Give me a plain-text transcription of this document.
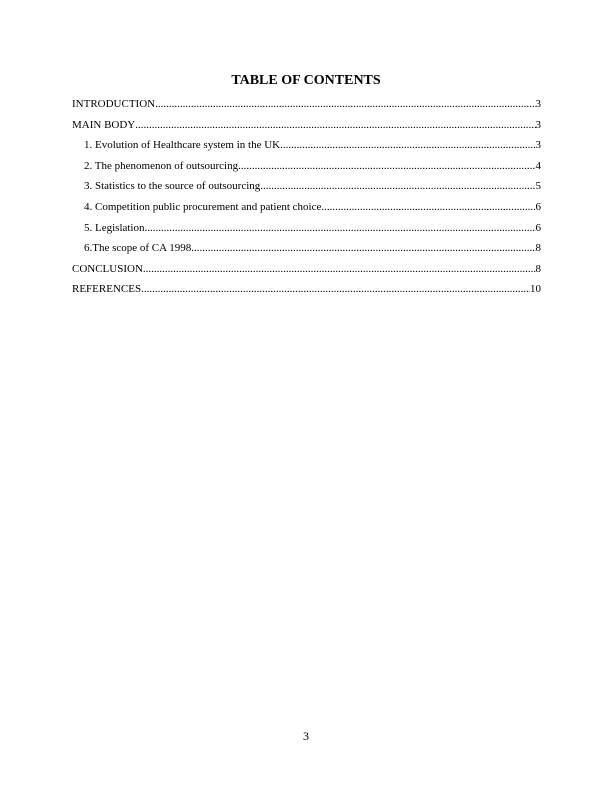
TABLE OF CONTENTS
INTRODUCTION .....	3
MAIN BODY .....	3
1. Evolution of Healthcare system in the UK .....	3
2. The phenomenon of outsourcing .....	4
3. Statistics to the source of outsourcing .....	5
4. Competition public procurement and patient choice .....	6
5. Legislation .....	6
6.The scope of CA 1998 .....	8
CONCLUSION .....	8
REFERENCES .....	10

3
